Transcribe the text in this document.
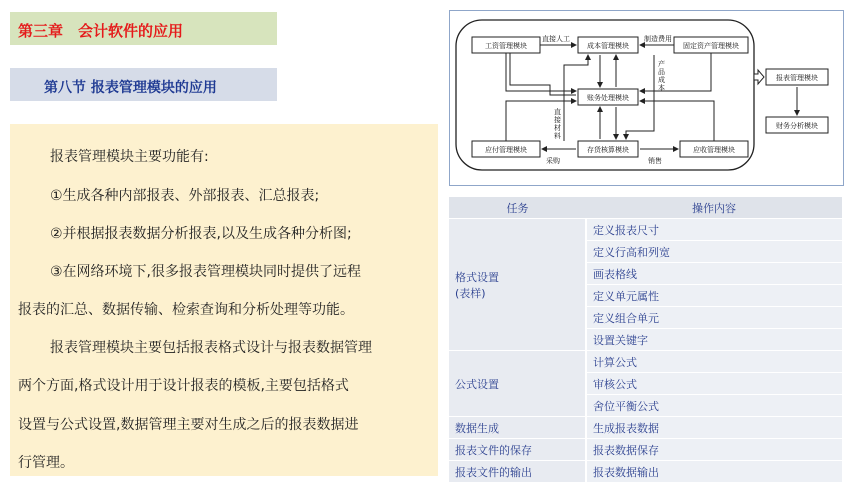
第三章　会计软件的应用
第八节 报表管理模块的应用
报表管理模块主要功能有:
①生成各种内部报表、外部报表、汇总报表;
②并根据报表数据分析报表,以及生成各种分析图;
③在网络环境下,很多报表管理模块同时提供了远程
报表的汇总、数据传输、检索查询和分析处理等功能。
报表管理模块主要包括报表格式设计与报表数据管理
两个方面,格式设计用于设计报表的模板,主要包括格式
设置与公式设置,数据管理主要对生成之后的报表数据进
行管理。
工资管理模块	成本管理模块	固定资产管理模块
账务处理模块
应付管理模块	存货核算模块	应收管理模块
报表管理模块
财务分析模块
直接人工	制造费用
采购	销售
产
品
成
本
直
接
材
料
任务	操作内容
格式设置
(表样)	定义报表尺寸
	定义行高和列宽
	画表格线
	定义单元属性
	定义组合单元
	设置关键字
公式设置	计算公式
	审核公式
	舍位平衡公式
数据生成	生成报表数据
报表文件的保存	报表数据保存
报表文件的输出	报表数据输出
